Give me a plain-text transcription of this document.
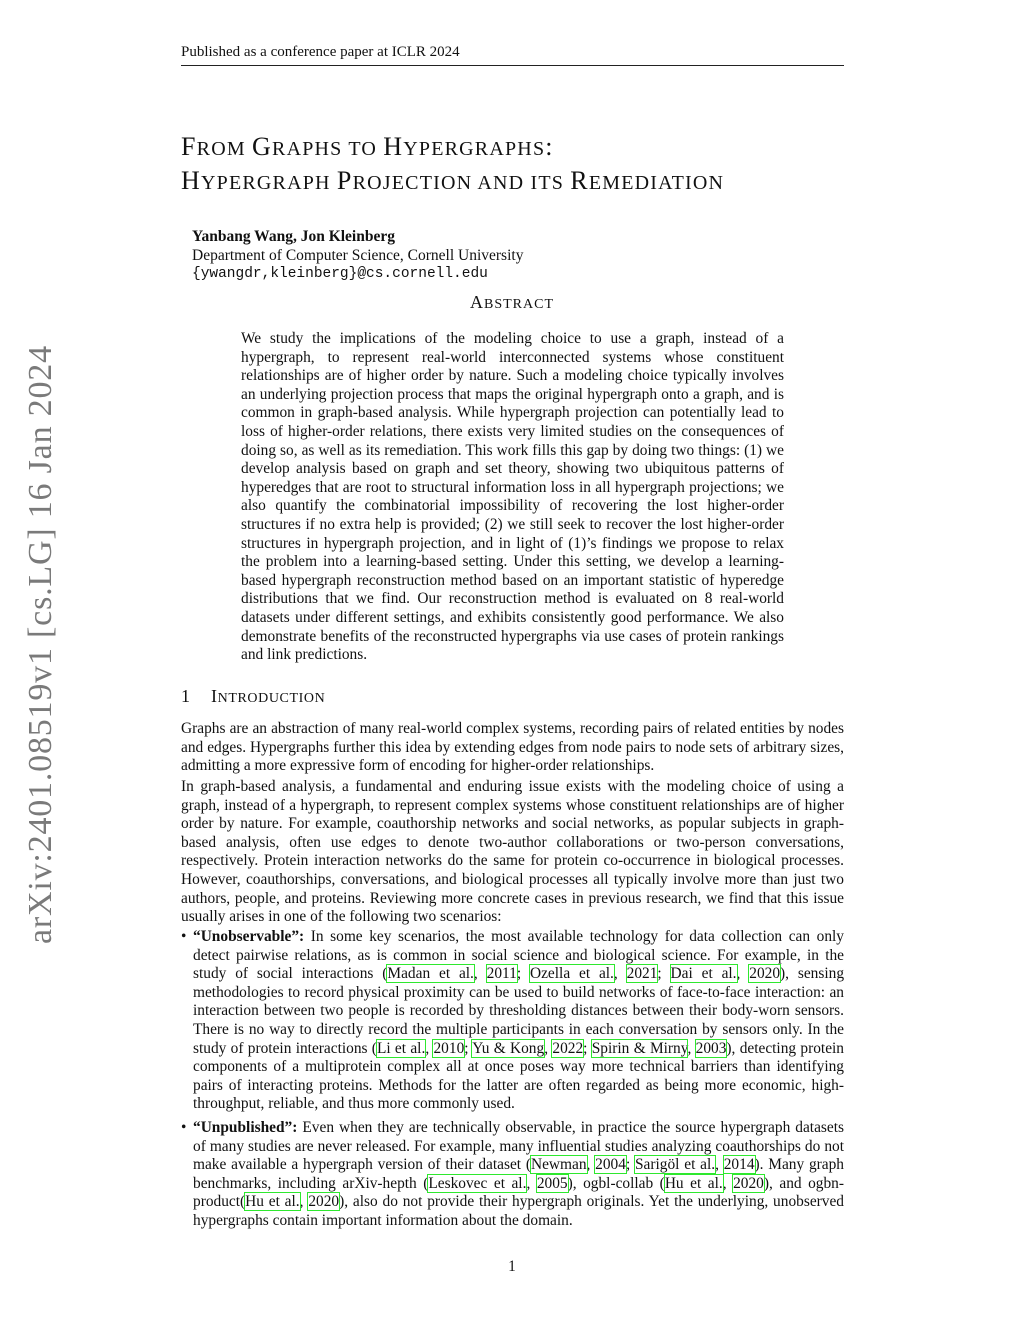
Published as a conference paper at ICLR 2024
arXiv:2401.08519v1 [cs.LG] 16 Jan 2024
FROM GRAPHS TO HYPERGRAPHS:
HYPERGRAPH PROJECTION AND ITS REMEDIATION
Yanbang Wang, Jon Kleinberg
Department of Computer Science, Cornell University
{ywangdr,kleinberg}@cs.cornell.edu
ABSTRACT
We study the implications of the modeling choice to use a graph, instead of a hypergraph, to represent real-world interconnected systems whose constituent relationships are of higher order by nature. Such a modeling choice typically involves an underlying projection process that maps the original hypergraph onto a graph, and is common in graph-based analysis. While hypergraph projection can potentially lead to loss of higher-order relations, there exists very limited studies on the consequences of doing so, as well as its remediation. This work fills this gap by doing two things: (1) we develop analysis based on graph and set theory, showing two ubiquitous patterns of hyperedges that are root to structural information loss in all hypergraph projections; we also quantify the combinatorial impossibility of recovering the lost higher-order structures if no extra help is provided; (2) we still seek to recover the lost higher-order structures in hypergraph projection, and in light of (1)’s findings we propose to relax the problem into a learning-based setting. Under this setting, we develop a learning-based hypergraph reconstruction method based on an important statistic of hyperedge distributions that we find. Our reconstruction method is evaluated on 8 real-world datasets under different settings, and exhibits consistently good performance. We also demonstrate benefits of the reconstructed hypergraphs via use cases of protein rankings and link predictions.
1 INTRODUCTION
Graphs are an abstraction of many real-world complex systems, recording pairs of related entities by nodes and edges. Hypergraphs further this idea by extending edges from node pairs to node sets of arbitrary sizes, admitting a more expressive form of encoding for higher-order relationships.
In graph-based analysis, a fundamental and enduring issue exists with the modeling choice of using a graph, instead of a hypergraph, to represent complex systems whose constituent relationships are of higher order by nature. For example, coauthorship networks and social networks, as popular subjects in graph-based analysis, often use edges to denote two-author collaborations or two-person conversations, respectively. Protein interaction networks do the same for protein co-occurrence in biological processes. However, coauthorships, conversations, and biological processes all typically involve more than just two authors, people, and proteins. Reviewing more concrete cases in previous research, we find that this issue usually arises in one of the following two scenarios:
• “Unobservable”: In some key scenarios, the most available technology for data collection can only detect pairwise relations, as is common in social science and biological science. For example, in the study of social interactions (Madan et al., 2011; Ozella et al., 2021; Dai et al., 2020), sensing methodologies to record physical proximity can be used to build networks of face-to-face interaction: an interaction between two people is recorded by thresholding distances between their body-worn sensors. There is no way to directly record the multiple participants in each conversation by sensors only. In the study of protein interactions (Li et al., 2010; Yu & Kong, 2022; Spirin & Mirny, 2003), detecting protein components of a multiprotein complex all at once poses way more technical barriers than identifying pairs of interacting proteins. Methods for the latter are often regarded as being more economic, high-throughput, reliable, and thus more commonly used.
• “Unpublished”: Even when they are technically observable, in practice the source hypergraph datasets of many studies are never released. For example, many influential studies analyzing coauthorships do not make available a hypergraph version of their dataset (Newman, 2004; Sarigöl et al., 2014). Many graph benchmarks, including arXiv-hepth (Leskovec et al., 2005), ogbl-collab (Hu et al., 2020), and ogbn-product(Hu et al., 2020), also do not provide their hypergraph originals. Yet the underlying, unobserved hypergraphs contain important information about the domain.
1
